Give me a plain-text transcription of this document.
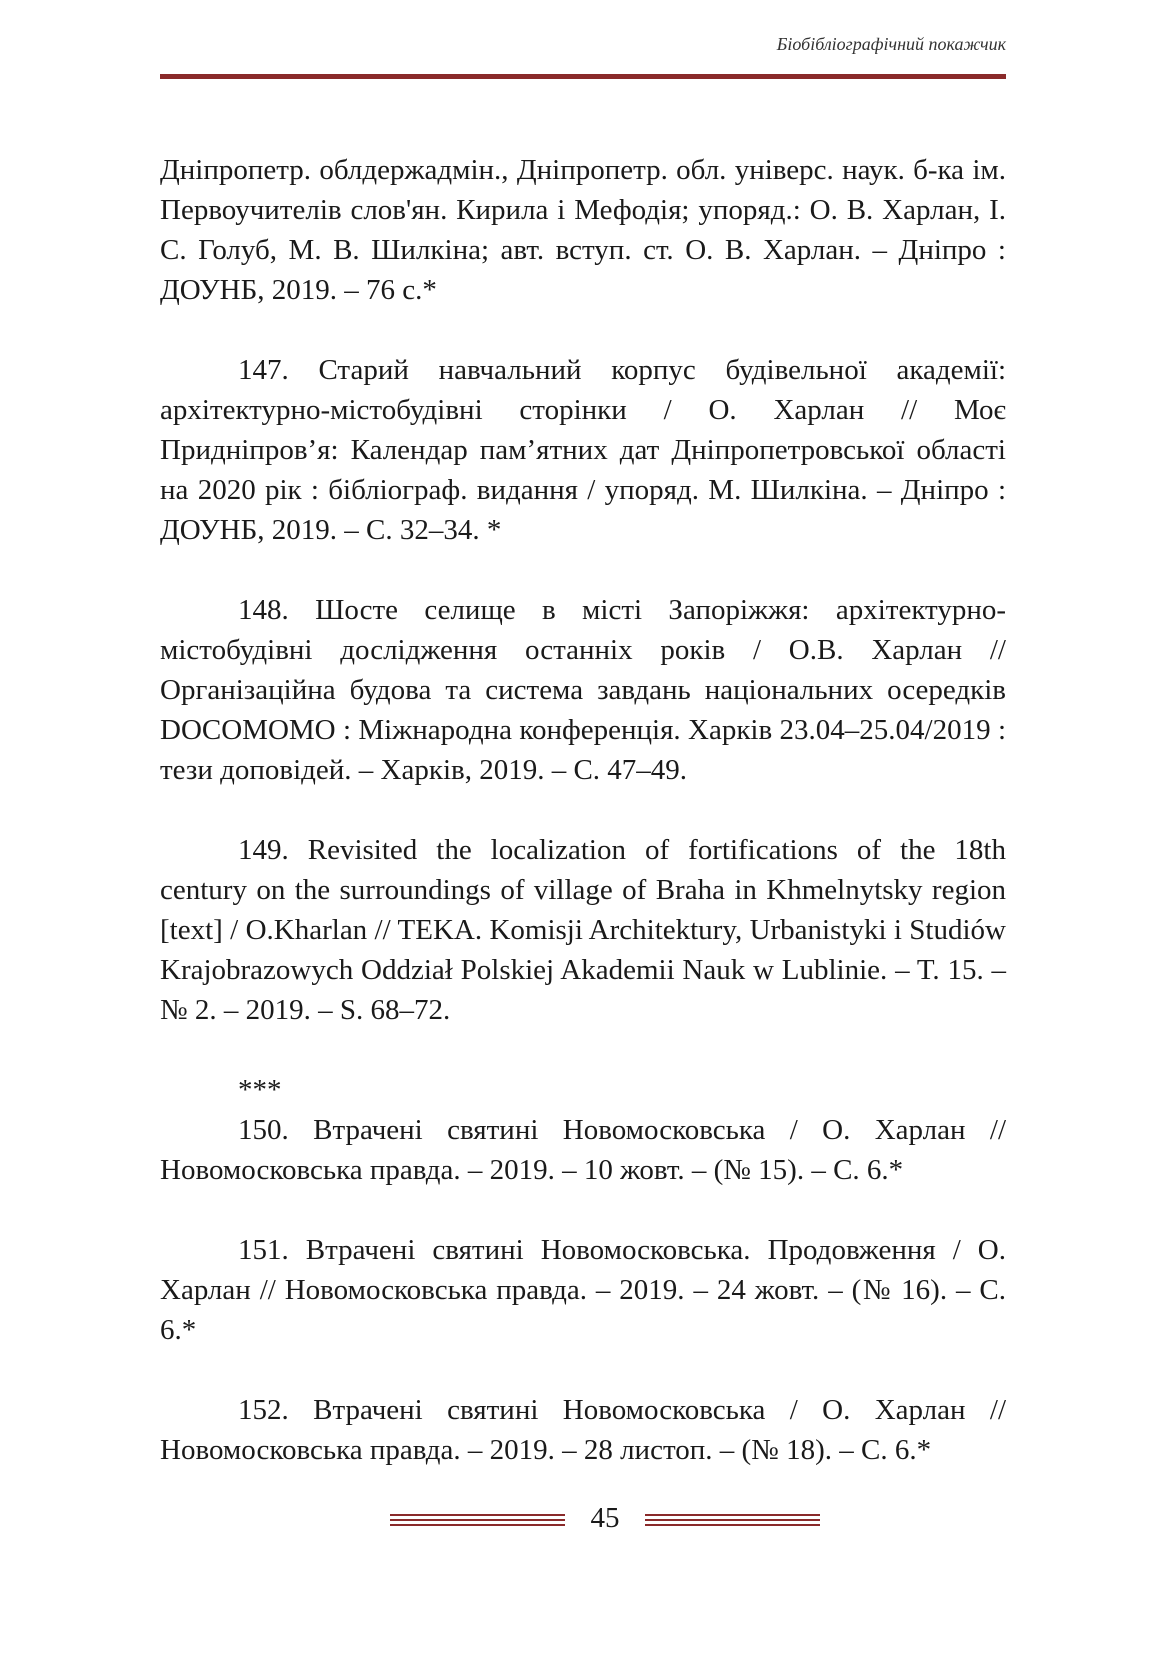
Біобібліографічний покажчик

Дніпропетр. облдержадмін., Дніпропетр. обл. універс. наук. б-ка ім. Первоучителів слов'ян. Кирила і Мефодія; упоряд.: О. В. Харлан, І. С. Голуб, М. В. Шилкіна; авт. вступ. ст. О. В. Харлан. – Дніпро : ДОУНБ, 2019. – 76 с.*

147. Старий навчальний корпус будівельної академії: архітектурно-містобудівні сторінки / О. Харлан // Моє Придніпров’я: Календар пам’ятних дат Дніпропетровської області на 2020 рік : бібліограф. видання / упоряд. М. Шилкіна. – Дніпро : ДОУНБ, 2019. – С. 32–34. *

148. Шосте селище в місті Запоріжжя: архітектурно-містобудівні дослідження останніх років / О.В. Харлан // Організаційна будова та система завдань національних осередків DOCOMOMO : Міжнародна конференція. Харків 23.04–25.04/2019 : тези доповідей. – Харків, 2019. – С. 47–49.

149. Revisited the localization of fortifications of the 18th century on the surroundings of village of Braha in Khmelnytsky region [text] / O.Kharlan // TEKA. Komisji Architektury, Urbanistyki i Studiów Krajobrazowych Oddział Polskiej Akademii Nauk w Lublinie. – T. 15. – № 2. – 2019. – S. 68–72.

***

150. Втрачені святині Новомосковська / О. Харлан // Новомосковська правда. – 2019. – 10 жовт. – (№ 15). – С. 6.*

151. Втрачені святині Новомосковська. Продовження / О. Харлан // Новомосковська правда. – 2019. – 24 жовт. – (№ 16). – С. 6.*

152. Втрачені святині Новомосковська / О. Харлан // Новомосковська правда. – 2019. – 28 листоп. – (№ 18). – С. 6.*

45
